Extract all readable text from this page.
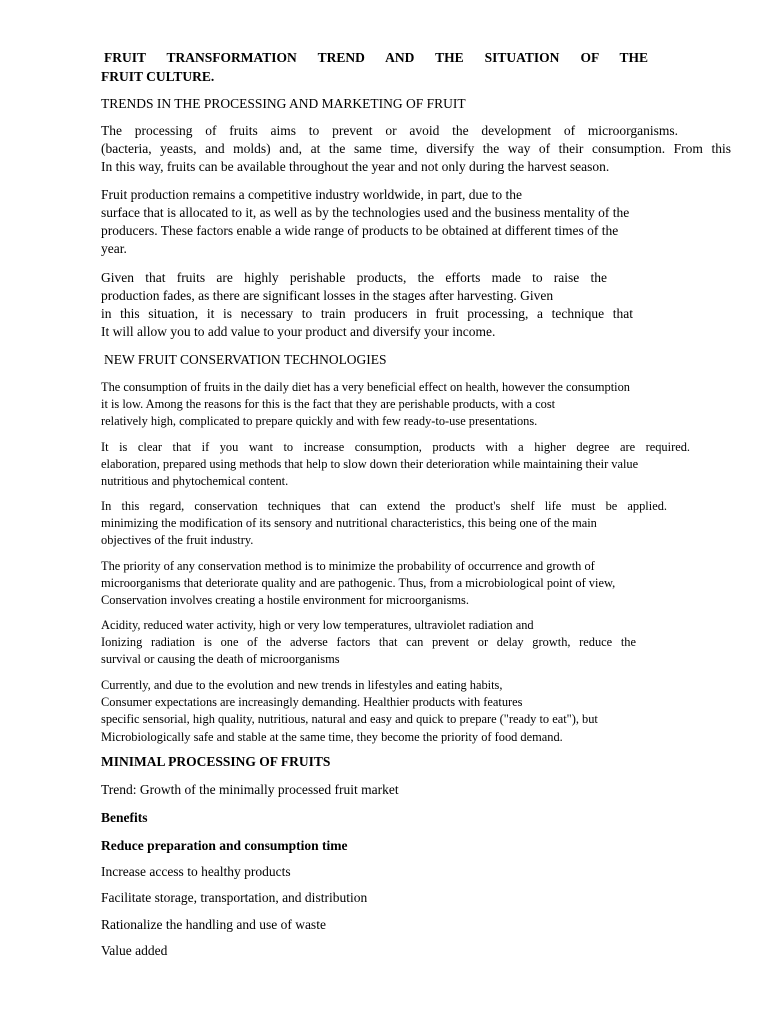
FRUIT TRANSFORMATION TREND AND THE SITUATION OF THE
FRUIT CULTURE.
TRENDS IN THE PROCESSING AND MARKETING OF FRUIT
The processing of fruits aims to prevent or avoid the development of microorganisms.
(bacteria, yeasts, and molds) and, at the same time, diversify the way of their consumption. From this
In this way, fruits can be available throughout the year and not only during the harvest season.
Fruit production remains a competitive industry worldwide, in part, due to the
surface that is allocated to it, as well as by the technologies used and the business mentality of the
producers. These factors enable a wide range of products to be obtained at different times of the
year.
Given that fruits are highly perishable products, the efforts made to raise the
production fades, as there are significant losses in the stages after harvesting. Given
in this situation, it is necessary to train producers in fruit processing, a technique that
It will allow you to add value to your product and diversify your income.
NEW FRUIT CONSERVATION TECHNOLOGIES
The consumption of fruits in the daily diet has a very beneficial effect on health, however the consumption
it is low. Among the reasons for this is the fact that they are perishable products, with a cost
relatively high, complicated to prepare quickly and with few ready-to-use presentations.
It is clear that if you want to increase consumption, products with a higher degree are required.
elaboration, prepared using methods that help to slow down their deterioration while maintaining their value
nutritious and phytochemical content.
In this regard, conservation techniques that can extend the product's shelf life must be applied.
minimizing the modification of its sensory and nutritional characteristics, this being one of the main
objectives of the fruit industry.
The priority of any conservation method is to minimize the probability of occurrence and growth of
microorganisms that deteriorate quality and are pathogenic. Thus, from a microbiological point of view,
Conservation involves creating a hostile environment for microorganisms.
Acidity, reduced water activity, high or very low temperatures, ultraviolet radiation and
Ionizing radiation is one of the adverse factors that can prevent or delay growth, reduce the
survival or causing the death of microorganisms
Currently, and due to the evolution and new trends in lifestyles and eating habits,
Consumer expectations are increasingly demanding. Healthier products with features
specific sensorial, high quality, nutritious, natural and easy and quick to prepare ("ready to eat"), but
Microbiologically safe and stable at the same time, they become the priority of food demand.
MINIMAL PROCESSING OF FRUITS
Trend: Growth of the minimally processed fruit market
Benefits
Reduce preparation and consumption time
Increase access to healthy products
Facilitate storage, transportation, and distribution
Rationalize the handling and use of waste
Value added
